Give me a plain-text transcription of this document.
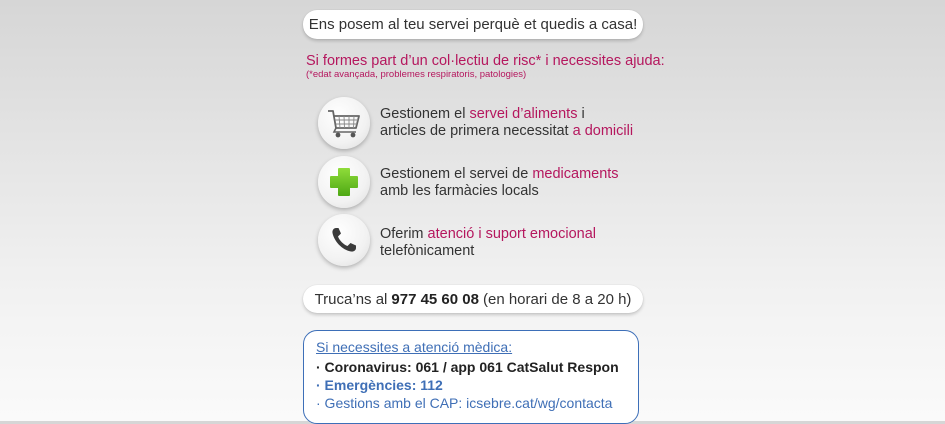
Ens posem al teu servei perquè et quedis a casa!
Si formes part d’un col·lectiu de risc* i necessites ajuda:
(*edat avançada, problemes respiratoris, patologies)
Gestionem el servei d’aliments i
articles de primera necessitat a domicili
Gestionem el servei de medicaments
amb les farmàcies locals
Oferim atenció i suport emocional
telefònicament
Truca’ns al 977 45 60 08 (en horari de 8 a 20 h)
Si necessites a atenció mèdica:
· Coronavirus: 061 / app 061 CatSalut Respon
· Emergències: 112
· Gestions amb el CAP: icsebre.cat/wg/contacta
